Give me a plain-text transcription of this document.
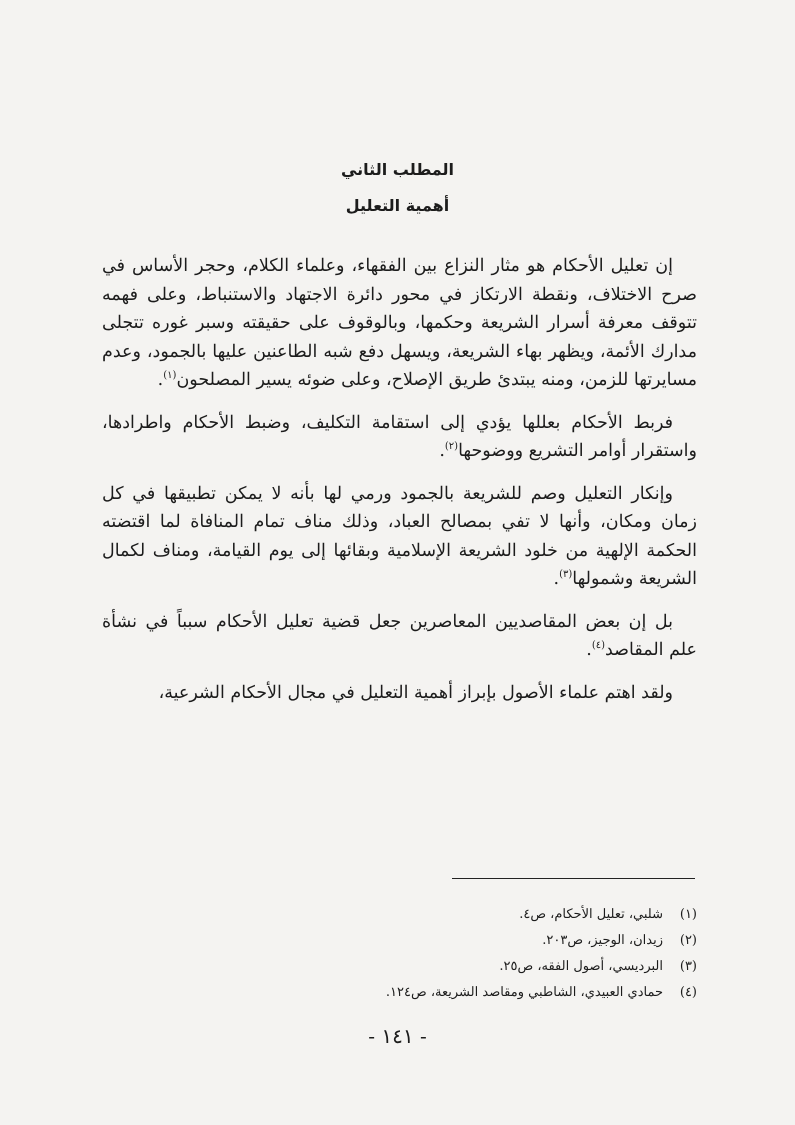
المطلب الثاني
أهمية التعليل

إن تعليل الأحكام هو مثار النزاع بين الفقهاء، وعلماء الكلام، وحجر الأساس في صرح الاختلاف، ونقطة الارتكاز في محور دائرة الاجتهاد والاستنباط، وعلى فهمه تتوقف معرفة أسرار الشريعة وحكمها، وبالوقوف على حقيقته وسبر غوره تتجلى مدارك الأئمة، ويظهر بهاء الشريعة، ويسهل دفع شبه الطاعنين عليها بالجمود، وعدم مسايرتها للزمن، ومنه يبتدئ طريق الإصلاح، وعلى ضوئه يسير المصلحون$^{(١)}$.

فربط الأحكام بعللها يؤدي إلى استقامة التكليف، وضبط الأحكام واطرادها، واستقرار أوامر التشريع ووضوحها$^{(٢)}$.

وإنكار التعليل وصم للشريعة بالجمود ورمي لها بأنه لا يمكن تطبيقها في كل زمان ومكان، وأنها لا تفي بمصالح العباد، وذلك مناف تمام المنافاة لما اقتضته الحكمة الإلهية من خلود الشريعة الإسلامية وبقائها إلى يوم القيامة، ومناف لكمال الشريعة وشمولها$^{(٣)}$.

بل إن بعض المقاصديين المعاصرين جعل قضية تعليل الأحكام سبباً في نشأة علم المقاصد$^{(٤)}$.

ولقد اهتم علماء الأصول بإبراز أهمية التعليل في مجال الأحكام الشرعية،

(١)
شلبي، تعليل الأحكام، ص٤.

(٢)
زيدان، الوجيز، ص٢٠٣.

(٣)
البرديسي، أصول الفقه، ص٢٥.

(٤)
حمادي العبيدي، الشاطبي ومقاصد الشريعة، ص١٢٤.

- ١٤١ -
